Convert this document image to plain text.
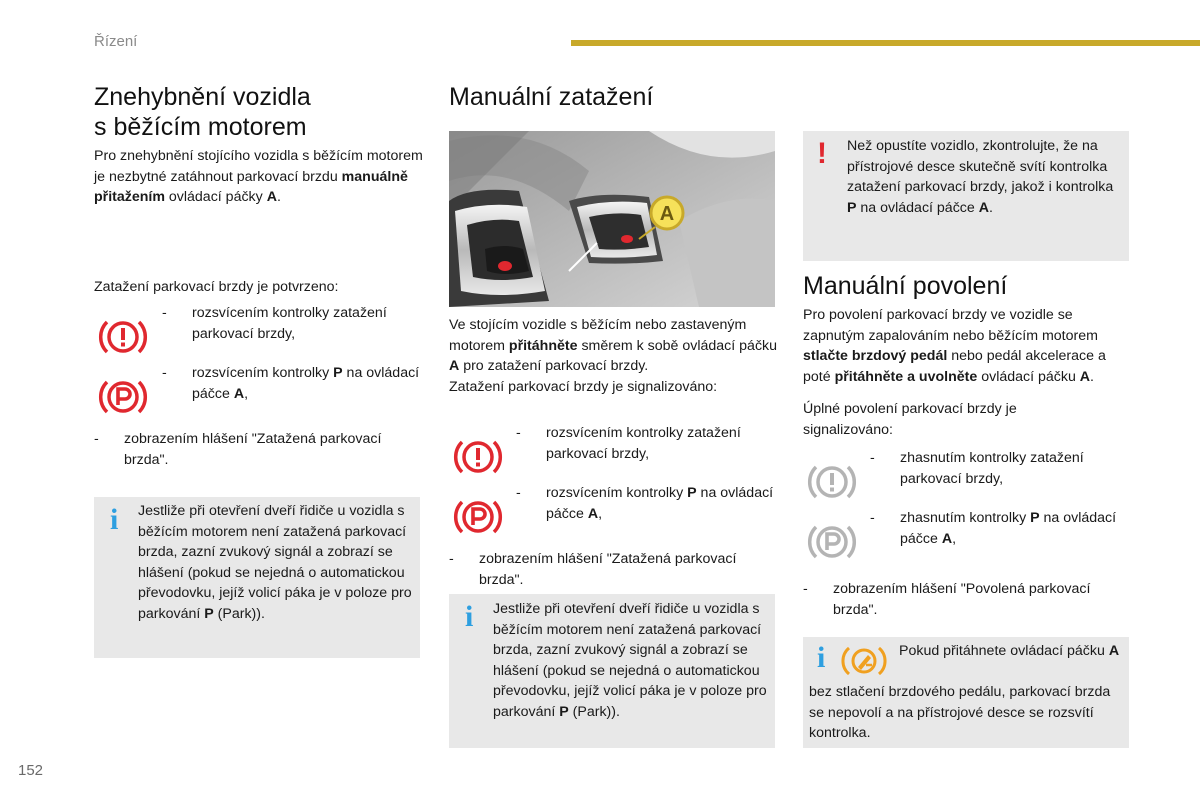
Řízení
152
Znehybnění vozidla
s běžícím motorem

Pro znehybnění stojícího vozidla s běžícím motorem je nezbytné zatáhnout parkovací brzdu manuálně přitažením ovládací páčky A.

Zatažení parkovací brzdy je potvrzeno:

- rozsvícením kontrolky zatažení parkovací brzdy,
- rozsvícením kontrolky P na ovládací páčce A,
- zobrazením hlášení "Zatažená parkovací brzda".
i Jestliže při otevření dveří řidiče u vozidla s běžícím motorem není zatažená parkovací brzda, zazní zvukový signál a zobrazí se hlášení (pokud se nejedná o automatickou převodovku, jejíž volicí páka je v poloze pro parkování P (Park)).
Manuální zatažení
A

Ve stojícím vozidle s běžícím nebo zastaveným motorem přitáhněte směrem k sobě ovládací páčku A pro zatažení parkovací brzdy.
Zatažení parkovací brzdy je signalizováno:

- rozsvícením kontrolky zatažení parkovací brzdy,
- rozsvícením kontrolky P na ovládací páčce A,
- zobrazením hlášení "Zatažená parkovací brzda".
i Jestliže při otevření dveří řidiče u vozidla s běžícím motorem není zatažená parkovací brzda, zazní zvukový signál a zobrazí se hlášení (pokud se nejedná o automatickou převodovku, jejíž volicí páka je v poloze pro parkování P (Park)).
! Než opustíte vozidlo, zkontrolujte, že na přístrojové desce skutečně svítí kontrolka zatažení parkovací brzdy, jakož i kontrolka P na ovládací páčce A.
Manuální povolení

Pro povolení parkovací brzdy ve vozidle se zapnutým zapalováním nebo běžícím motorem stlačte brzdový pedál nebo pedál akcelerace a poté přitáhněte a uvolněte ovládací páčku A.

Úplné povolení parkovací brzdy je signalizováno:

- zhasnutím kontrolky zatažení parkovací brzdy,
- zhasnutím kontrolky P na ovládací páčce A,
- zobrazením hlášení "Povolená parkovací brzda".
i	Pokud přitáhnete ovládací páčku A
bez stlačení brzdového pedálu, parkovací brzda se nepovolí a na přístrojové desce se rozsvítí kontrolka.
